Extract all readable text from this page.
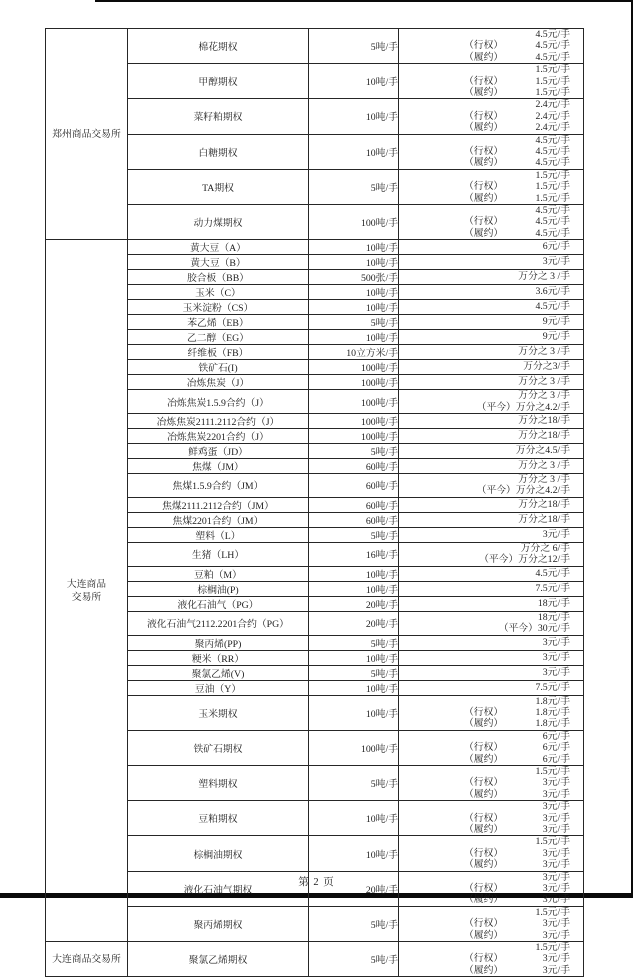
郑州商品交易所	棉花期权	5吨/手	4.5元/手
（行权） 4.5元/手
（履约） 4.5元/手

	甲醇期权	10吨/手	1.5元/手
（行权） 1.5元/手
（履约） 1.5元/手

	菜籽粕期权	10吨/手	2.4元/手
（行权） 2.4元/手
（履约） 2.4元/手

	白糖期权	10吨/手	4.5元/手
（行权） 4.5元/手
（履约） 4.5元/手

	TA期权	5吨/手	1.5元/手
（行权） 1.5元/手
（履约） 1.5元/手

	动力煤期权	100吨/手	4.5元/手
（行权） 4.5元/手
（履约） 4.5元/手

大连商品
交易所	黄大豆（A）	10吨/手	6元/手

	黄大豆（B）	10吨/手	3元/手

	胶合板（BB）	500张/手	万分之 3 /手

	玉米（C）	10吨/手	3.6元/手

	玉米淀粉（CS）	10吨/手	4.5元/手

	苯乙烯（EB）	5吨/手	9元/手

	乙二醇（EG）	10吨/手	9元/手

	纤维板（FB）	10立方米/手	万分之 3 /手

	铁矿石(I)	100吨/手	万分之3/手

	冶炼焦炭（J）	100吨/手	万分之 3 /手

	冶炼焦炭1.5.9合约（J）	100吨/手	万分之 3 /手
（平今）万分之4.2/手

	冶炼焦炭2111.2112合约（J）	100吨/手	万分之18/手

	冶炼焦炭2201合约（J）	100吨/手	万分之18/手

	鲜鸡蛋（JD）	5吨/手	万分之4.5/手

	焦煤（JM）	60吨/手	万分之 3 /手

	焦煤1.5.9合约（JM）	60吨/手	万分之 3 /手
（平今）万分之4.2/手

	焦煤2111.2112合约（JM）	60吨/手	万分之18/手

	焦煤2201合约（JM）	60吨/手	万分之18/手

	塑料（L）	5吨/手	3元/手

	生猪（LH）	16吨/手	万分之 6/手
（平今）万分之12/手

	豆粕（M）	10吨/手	4.5元/手

	棕榈油(P)	10吨/手	7.5元/手

	液化石油气（PG）	20吨/手	18元/手

	液化石油气2112.2201合约（PG）	20吨/手	18元/手
（平今）30元/手

	聚丙烯(PP)	5吨/手	3元/手

	粳米（RR）	10吨/手	3元/手

	聚氯乙烯(V)	5吨/手	3元/手

	豆油（Y）	10吨/手	7.5元/手

	玉米期权	10吨/手	1.8元/手
（行权） 1.8元/手
（履约） 1.8元/手

	铁矿石期权	100吨/手	6元/手
（行权） 6元/手
（履约） 6元/手

	塑料期权	5吨/手	1.5元/手
（行权） 3元/手
（履约） 3元/手

	豆粕期权	10吨/手	3元/手
（行权） 3元/手
（履约） 3元/手

	棕榈油期权	10吨/手	1.5元/手
（行权） 3元/手
（履约） 3元/手

	液化石油气期权	20吨/手	3元/手
（行权） 3元/手
（履约） 3元/手

	聚丙烯期权	5吨/手	1.5元/手
（行权） 3元/手
（履约） 3元/手

大连商品交易所	聚氯乙烯期权	5吨/手	1.5元/手
（行权） 3元/手
（履约） 3元/手
第 2 页
